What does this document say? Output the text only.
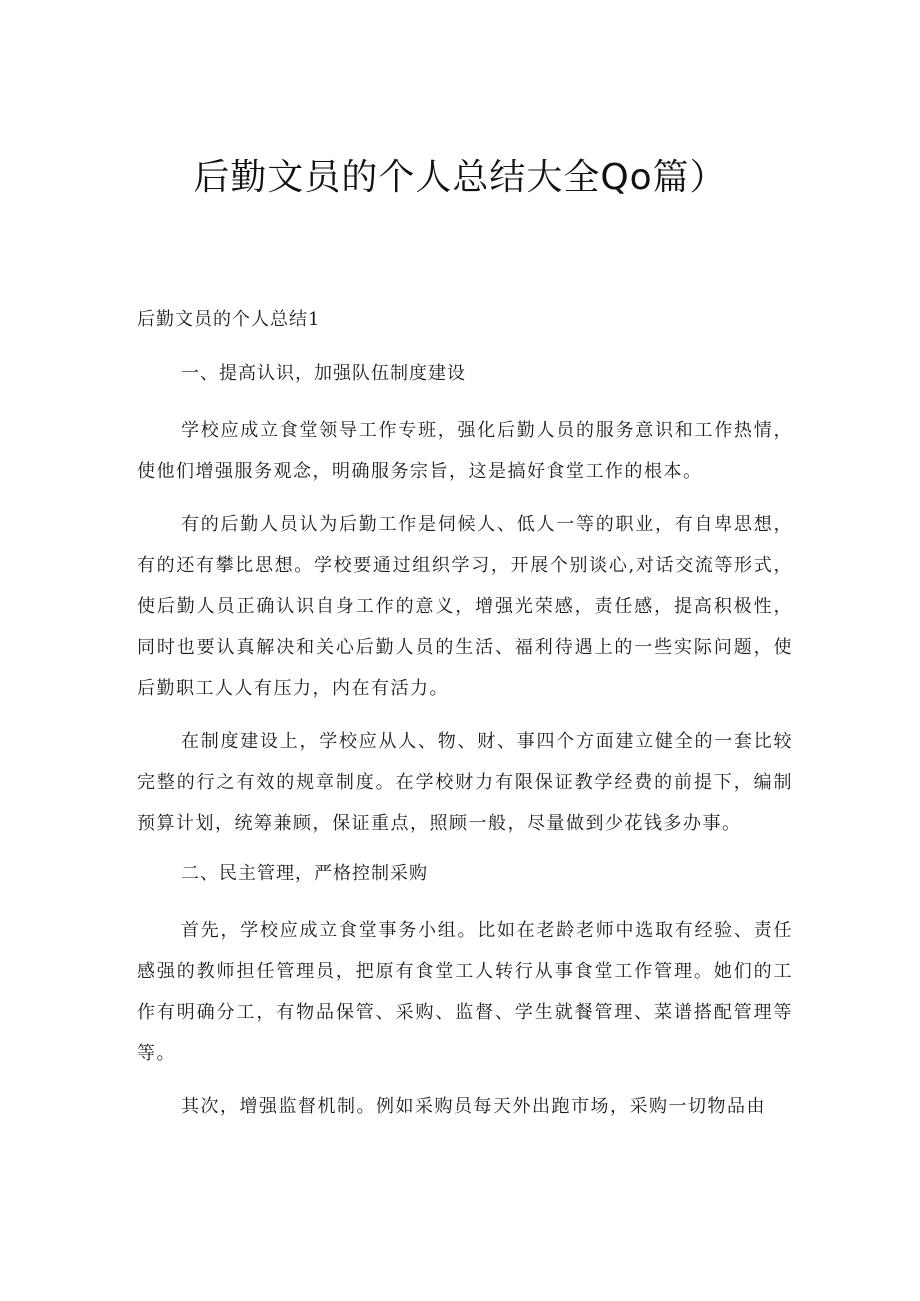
后勤文员的个人总结大全Qo篇）

后勤文员的个人总结1

一、提高认识，加强队伍制度建设

学校应成立食堂领导工作专班，强化后勤人员的服务意识和工作热情，使他们增强服务观念，明确服务宗旨，这是搞好食堂工作的根本。

有的后勤人员认为后勤工作是伺候人、低人一等的职业，有自卑思想，有的还有攀比思想。学校要通过组织学习，开展个别谈心,对话交流等形式，使后勤人员正确认识自身工作的意义，增强光荣感，责任感，提高积极性，同时也要认真解决和关心后勤人员的生活、福利待遇上的一些实际问题，使后勤职工人人有压力，内在有活力。

在制度建设上，学校应从人、物、财、事四个方面建立健全的一套比较完整的行之有效的规章制度。在学校财力有限保证教学经费的前提下，编制预算计划，统筹兼顾，保证重点，照顾一般，尽量做到少花钱多办事。

二、民主管理，严格控制采购

首先，学校应成立食堂事务小组。比如在老龄老师中选取有经验、责任感强的教师担任管理员，把原有食堂工人转行从事食堂工作管理。她们的工作有明确分工，有物品保管、采购、监督、学生就餐管理、菜谱搭配管理等等。

其次，增强监督机制。例如采购员每天外出跑市场，采购一切物品由
